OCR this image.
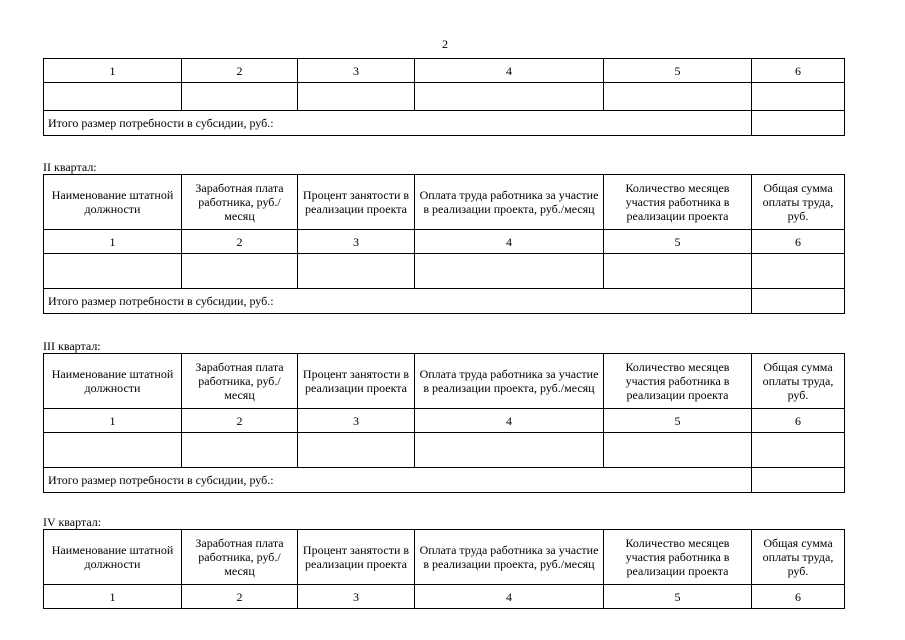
2
1	2	3	4	5	6

Итого размер потребности в субсидии, руб.:					
II квартал:
Наименование штатной должности	Заработная плата работника, руб./месяц	Процент занятости в реализации проекта	Оплата труда работника за участие в реализации проекта, руб./месяц	Количество месяцев участия работника в реализации проекта	Общая сумма оплаты труда, руб.
1	2	3	4	5	6

Итого размер потребности в субсидии, руб.:					
III квартал:
Наименование штатной должности	Заработная плата работника, руб./месяц	Процент занятости в реализации проекта	Оплата труда работника за участие в реализации проекта, руб./месяц	Количество месяцев участия работника в реализации проекта	Общая сумма оплаты труда, руб.
1	2	3	4	5	6

Итого размер потребности в субсидии, руб.:					
IV квартал:
Наименование штатной должности	Заработная плата работника, руб./месяц	Процент занятости в реализации проекта	Оплата труда работника за участие в реализации проекта, руб./месяц	Количество месяцев участия работника в реализации проекта	Общая сумма оплаты труда, руб.
1	2	3	4	5	6
